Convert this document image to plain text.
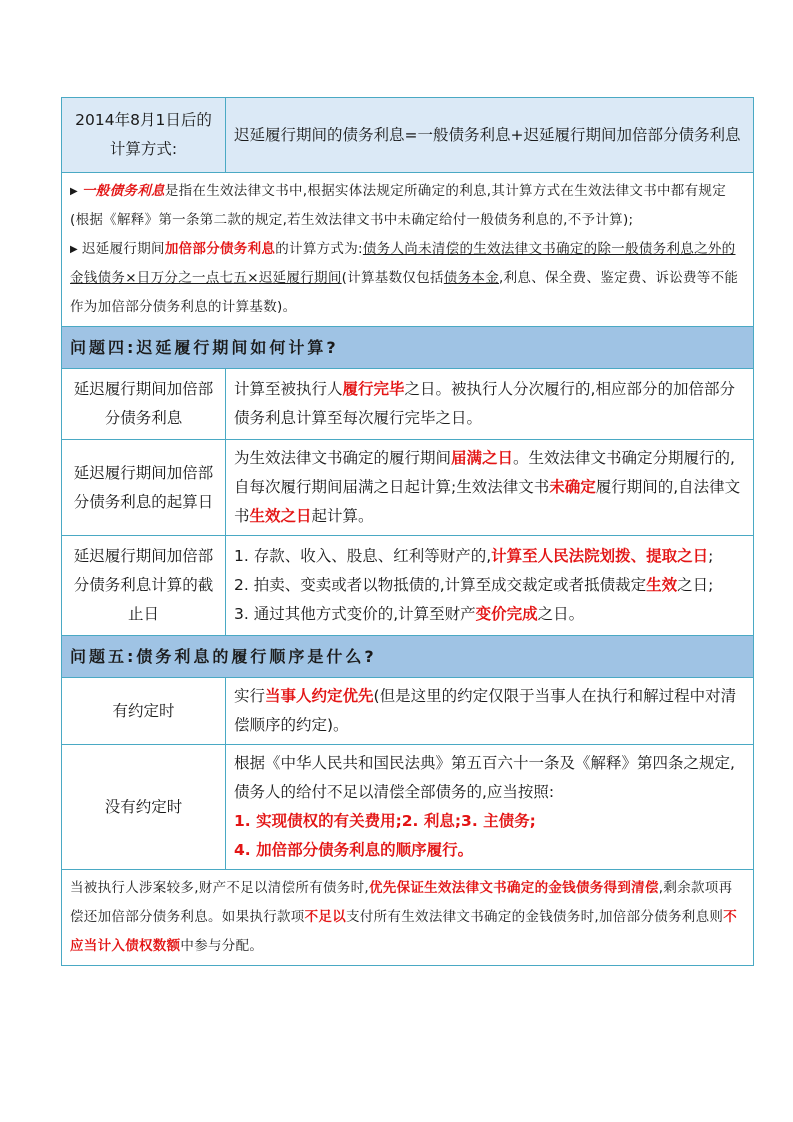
2014年8月1日后的计算方式:	迟延履行期间的债务利息=一般债务利息+迟延履行期间加倍部分债务利息

▶ 一般债务利息是指在生效法律文书中,根据实体法规定所确定的利息,其计算方式在生效法律文书中都有规定(根据《解释》第一条第二款的规定,若生效法律文书中未确定给付一般债务利息的,不予计算);
▶ 迟延履行期间加倍部分债务利息的计算方式为:债务人尚未清偿的生效法律文书确定的除一般债务利息之外的金钱债务×日万分之一点七五×迟延履行期间(计算基数仅包括债务本金,利息、保全费、鉴定费、诉讼费等不能作为加倍部分债务利息的计算基数)。	

问题四:迟延履行期间如何计算?	
延迟履行期间加倍部分债务利息	计算至被执行人履行完毕之日。被执行人分次履行的,相应部分的加倍部分债务利息计算至每次履行完毕之日。
延迟履行期间加倍部分债务利息的起算日	为生效法律文书确定的履行期间届满之日。生效法律文书确定分期履行的,自每次履行期间届满之日起计算;生效法律文书未确定履行期间的,自法律文书生效之日起计算。
延迟履行期间加倍部分债务利息计算的截止日	1. 存款、收入、股息、红利等财产的,计算至人民法院划拨、提取之日;
2. 拍卖、变卖或者以物抵债的,计算至成交裁定或者抵债裁定生效之日;
3. 通过其他方式变价的,计算至财产变价完成之日。

问题五:债务利息的履行顺序是什么?	
有约定时	实行当事人约定优先(但是这里的约定仅限于当事人在执行和解过程中对清偿顺序的约定)。
没有约定时	根据《中华人民共和国民法典》第五百六十一条及《解释》第四条之规定,债务人的给付不足以清偿全部债务的,应当按照:
1. 实现债权的有关费用;2. 利息;3. 主债务;
4. 加倍部分债务利息的顺序履行。

当被执行人涉案较多,财产不足以清偿所有债务时,优先保证生效法律文书确定的金钱债务得到清偿,剩余款项再偿还加倍部分债务利息。如果执行款项不足以支付所有生效法律文书确定的金钱债务时,加倍部分债务利息则不应当计入债权数额中参与分配。	
